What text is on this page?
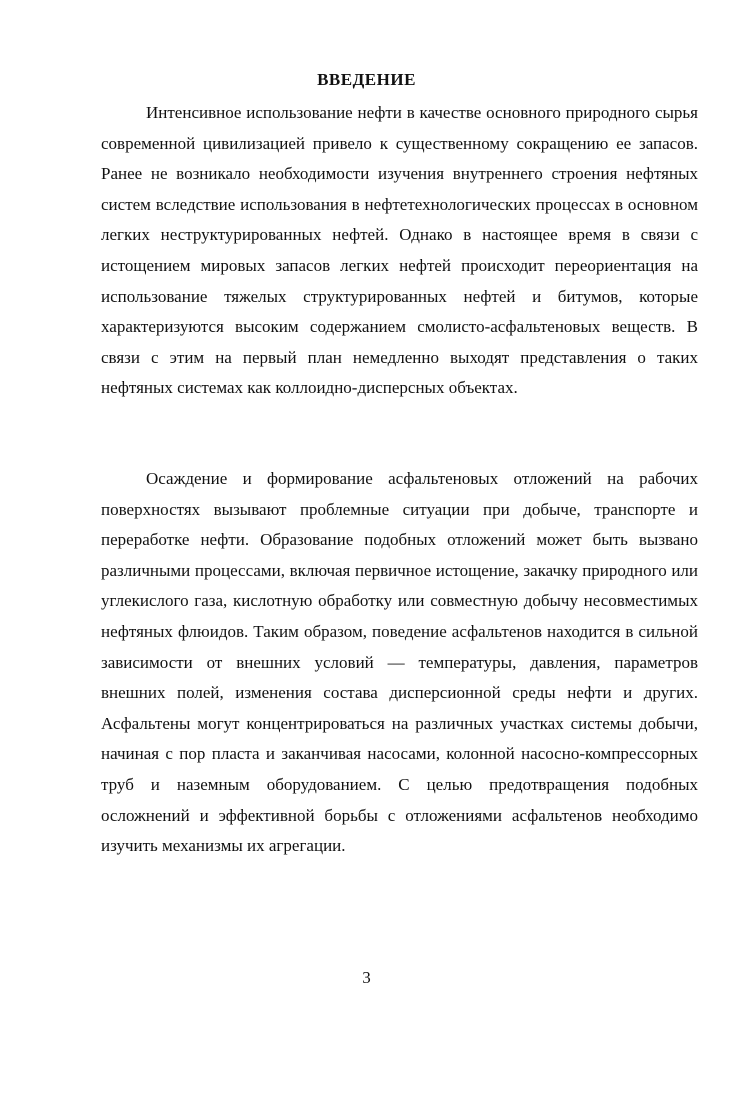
ВВЕДЕНИЕ

Интенсивное использование нефти в качестве основного природного сырья современной цивилизацией привело к существенному сокращению ее запасов. Ранее не возникало необходимости изучения внутреннего строения нефтяных систем вследствие использования в нефтетехнологических процессах в основном легких неструктурированных нефтей. Однако в настоящее время в связи с истощением мировых запасов легких нефтей происходит переориентация на использование тяжелых структурированных нефтей и битумов, которые характеризуются высоким содержанием смолисто-асфальтеновых веществ. В связи с этим на первый план немедленно выходят представления о таких нефтяных системах как коллоидно-дисперсных объектах.

Осаждение и формирование асфальтеновых отложений на рабочих поверхностях вызывают проблемные ситуации при добыче, транспорте и переработке нефти. Образование подобных отложений может быть вызвано различными процессами, включая первичное истощение, закачку природного или углекислого газа, кислотную обработку или совместную добычу несовместимых нефтяных флюидов. Таким образом, поведение асфальтенов находится в сильной зависимости от внешних условий — температуры, давления, параметров внешних полей, изменения состава дисперсионной среды нефти и других. Асфальтены могут концентрироваться на различных участках системы добычи, начиная с пор пласта и заканчивая насосами, колонной насосно-компрессорных труб и наземным оборудованием. С целью предотвращения подобных осложнений и эффективной борьбы с отложениями асфальтенов необходимо изучить механизмы их агрегации.

3
